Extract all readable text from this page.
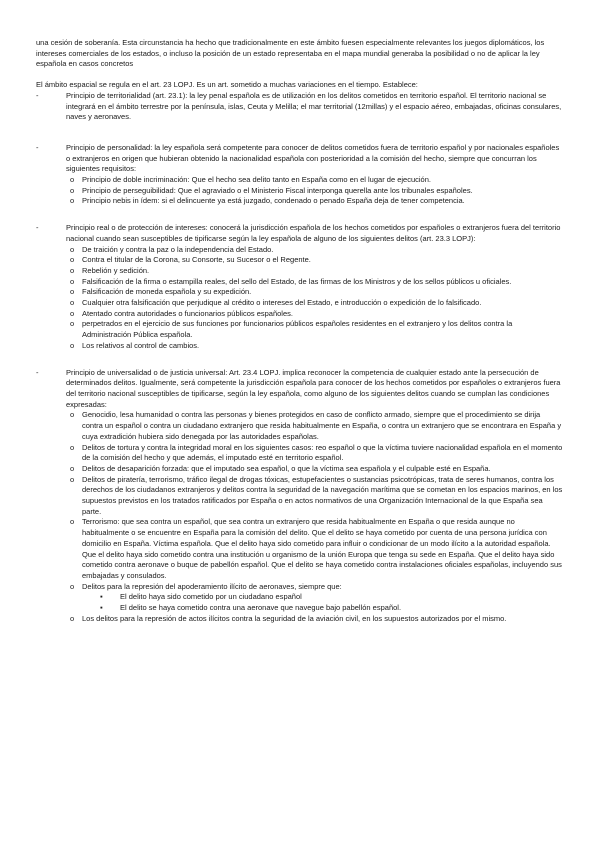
una cesión de soberanía. Esta circunstancia ha hecho que tradicionalmente en este ámbito fuesen especialmente relevantes los juegos diplomáticos, los intereses comerciales de los estados, o incluso la posición de un estado representaba en el mapa mundial generaba la posibilidad o no de aplicar la ley española en casos concretos

El ámbito espacial se regula en el art. 23 LOPJ. Es un art. sometido a muchas variaciones en el tiempo. Establece:

-	Principio de territorialidad (art. 23.1): la ley penal española es de utilización en los delitos cometidos en territorio español. El territorio nacional se integrará en el ámbito terrestre por la península, islas, Ceuta y Melilla; el mar territorial (12millas) y el espacio aéreo, embajadas, oficinas consulares, naves y aeronaves.

-	Principio de personalidad: la ley española será competente para conocer de delitos cometidos fuera de territorio español y por nacionales españoles o extranjeros en origen que hubieran obtenido la nacionalidad española con posterioridad a la comisión del hecho, siempre que concurran los siguientes requisitos:

o	Principio de doble incriminación: Que el hecho sea delito tanto en España como en el lugar de ejecución.
o	Principio de perseguibilidad: Que el agraviado o el Ministerio Fiscal interponga querella ante los tribunales españoles.
o	Principio nebis in ídem: si el delincuente ya está juzgado, condenado o penado España deja de tener competencia.
-	Principio real o de protección de intereses: conocerá la jurisdicción española de los hechos cometidos por españoles o extranjeros fuera del territorio nacional cuando sean susceptibles de tipificarse según la ley española de alguno de los siguientes delitos (art. 23.3 LOPJ):

o	De traición y contra la paz o la independencia del Estado.
o	Contra el titular de la Corona, su Consorte, su Sucesor o el Regente.
o	Rebelión y sedición.
o	Falsificación de la firma o estampilla reales, del sello del Estado, de las firmas de los Ministros y de los sellos públicos u oficiales.
o	Falsificación de moneda española y su expedición.
o	Cualquier otra falsificación que perjudique al crédito o intereses del Estado, e introducción o expedición de lo falsificado.
o	Atentado contra autoridades o funcionarios públicos españoles.
o	perpetrados en el ejercicio de sus funciones por funcionarios públicos españoles residentes en el extranjero y los delitos contra la Administración Pública española.
o	Los relativos al control de cambios.
-	Principio de universalidad o de justicia universal: Art. 23.4 LOPJ. implica reconocer la competencia de cualquier estado ante la persecución de determinados delitos. Igualmente, será competente la jurisdicción española para conocer de los hechos cometidos por españoles o extranjeros fuera del territorio nacional susceptibles de tipificarse, según la ley española, como alguno de los siguientes delitos cuando se cumplan las condiciones expresadas:

o	Genocidio, lesa humanidad o contra las personas y bienes protegidos en caso de conflicto armado, siempre que el procedimiento se dirija contra un español o contra un ciudadano extranjero que resida habitualmente en España, o contra un extranjero que se encontrara en España y cuya extradición hubiera sido denegada por las autoridades españolas.
o	Delitos de tortura y contra la integridad moral en los siguientes casos: reo español o que la víctima tuviere nacionalidad española en el momento de la comisión del hecho y que además, el imputado esté en territorio español.
o	Delitos de desaparición forzada: que el imputado sea español, o que la víctima sea española y el culpable esté en España.
o	Delitos de piratería, terrorismo, tráfico ilegal de drogas tóxicas, estupefacientes o sustancias psicotrópicas, trata de seres humanos, contra los derechos de los ciudadanos extranjeros y delitos contra la seguridad de la navegación marítima que se cometan en los espacios marinos, en los supuestos previstos en los tratados ratificados por España o en actos normativos de una Organización Internacional de la que España sea parte.
o	Terrorismo: que sea contra un español, que sea contra un extranjero que resida habitualmente en España o que resida aunque no habitualmente o se encuentre en España para la comisión del delito. Que el delito se haya cometido por cuenta de una persona jurídica con domicilio en España. Víctima española. Que el delito haya sido cometido para influir o condicionar de un modo ilícito a la autoridad española. Que el delito haya sido cometido contra una institución u organismo de la unión Europa que tenga su sede en España. Que el delito haya sido cometido contra aeronave o buque de pabellón español. Que el delito se haya cometido contra instalaciones oficiales españolas, incluyendo sus embajadas y consulados.
o	Delitos para la represión del apoderamiento ilícito de aeronaves, siempre que:
▪	El delito haya sido cometido por un ciudadano español
▪	El delito se haya cometido contra una aeronave que navegue bajo pabellón español.
o	Los delitos para la represión de actos ilícitos contra la seguridad de la aviación civil, en los supuestos autorizados por el mismo.
